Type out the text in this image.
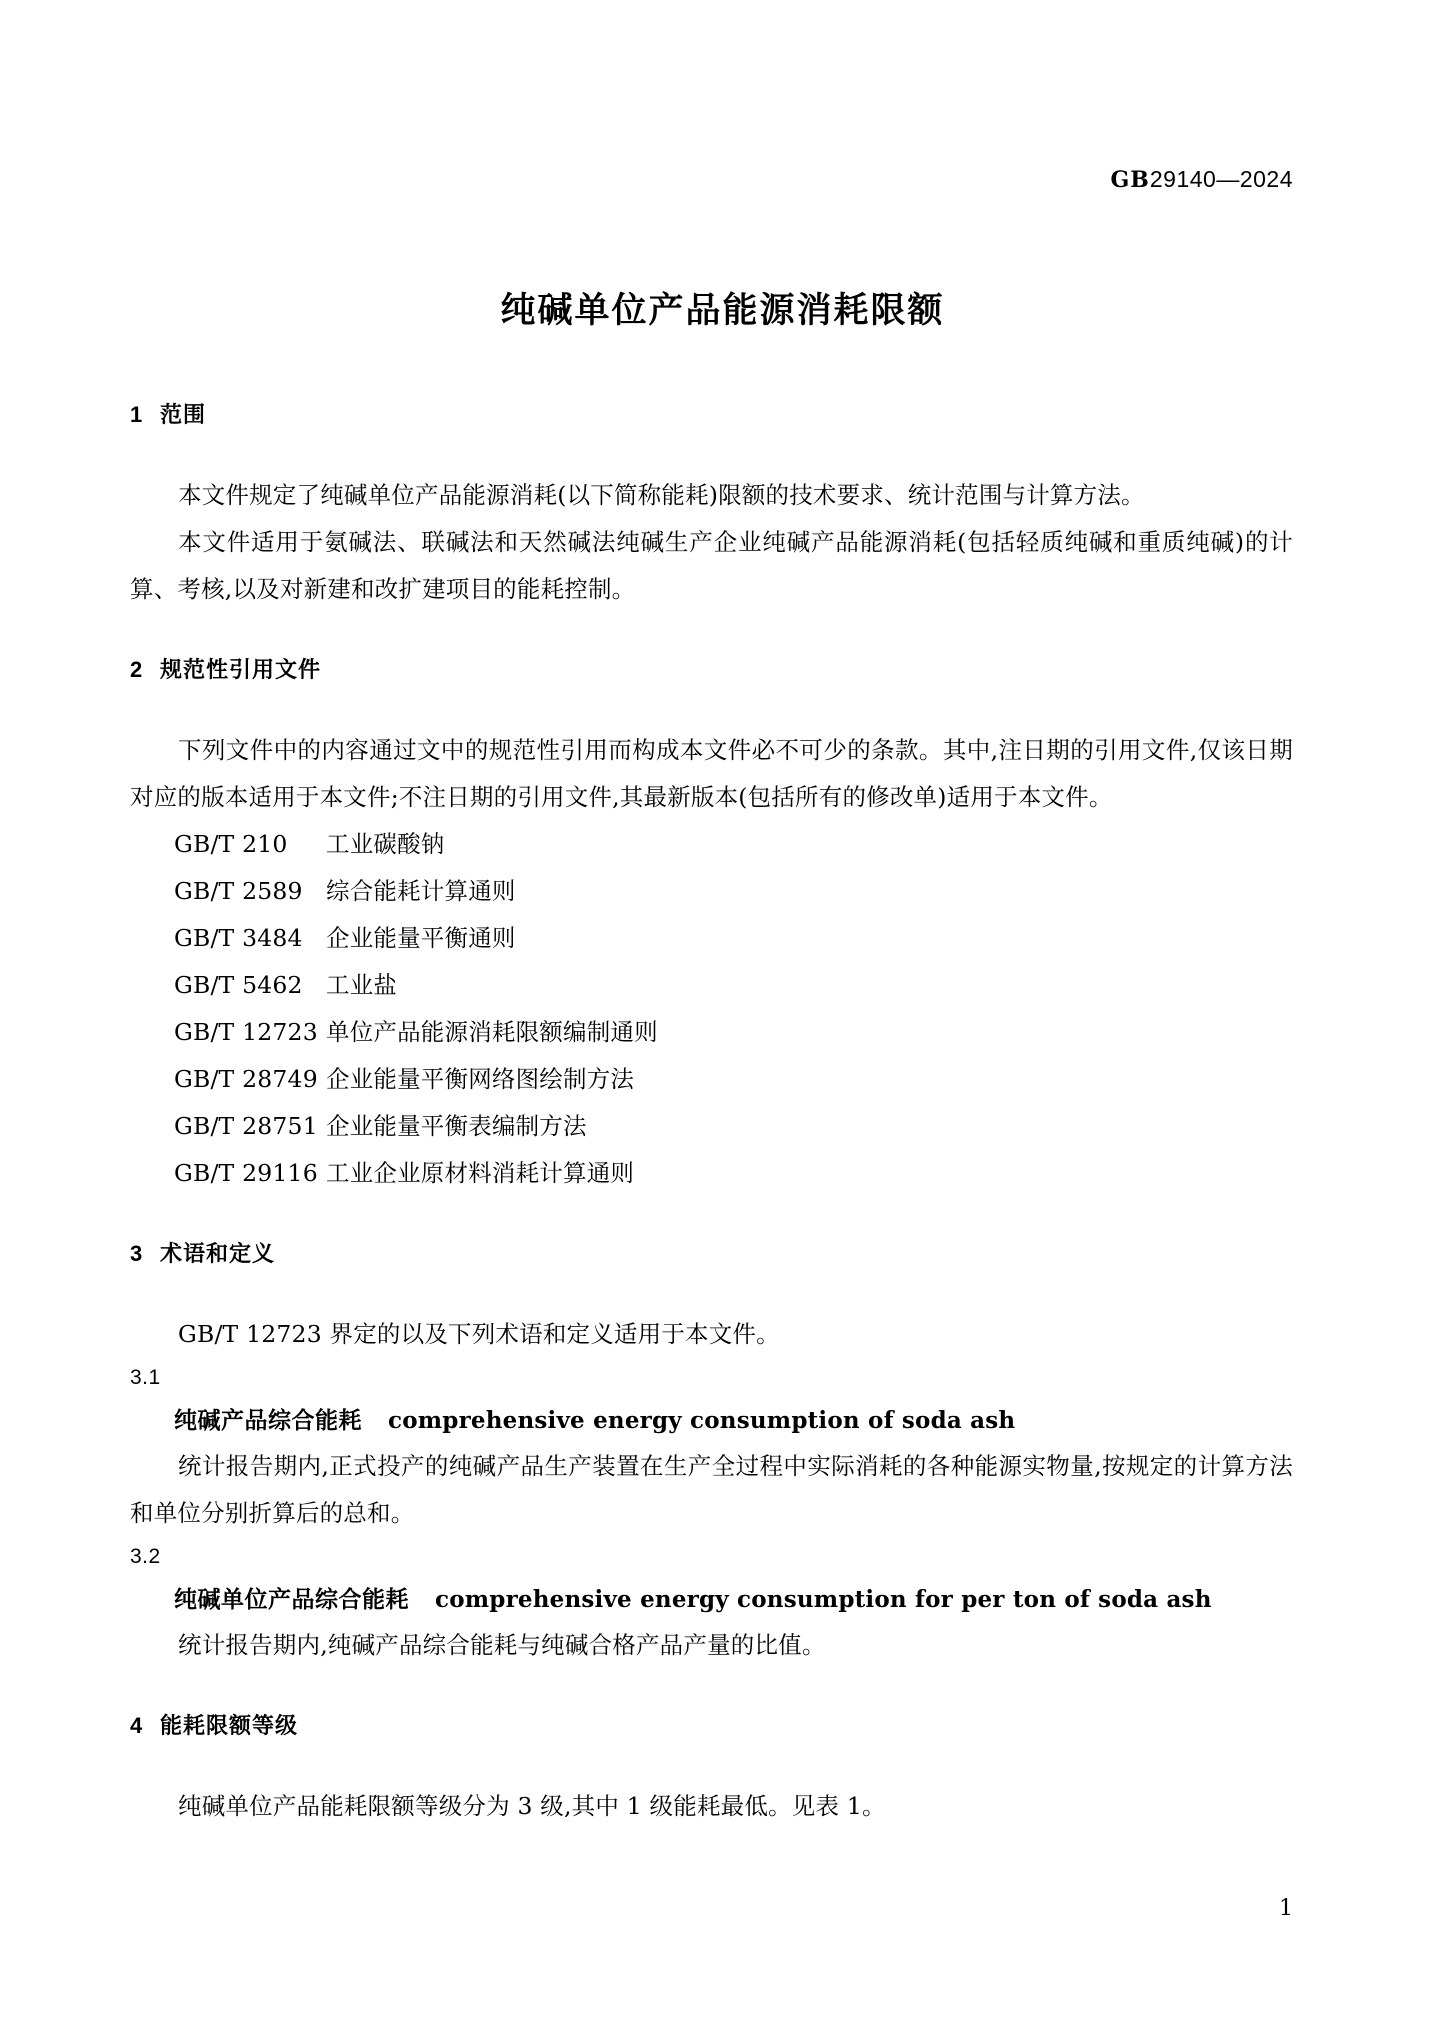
GB29140—2024
纯碱单位产品能源消耗限额
1 范围

本文件规定了纯碱单位产品能源消耗(以下简称能耗)限额的技术要求、统计范围与计算方法。

本文件适用于氨碱法、联碱法和天然碱法纯碱生产企业纯碱产品能源消耗(包括轻质纯碱和重质纯碱)的计算、考核,以及对新建和改扩建项目的能耗控制。

2 规范性引用文件

下列文件中的内容通过文中的规范性引用而构成本文件必不可少的条款。其中,注日期的引用文件,仅该日期对应的版本适用于本文件;不注日期的引用文件,其最新版本(包括所有的修改单)适用于本文件。

GB/T 210 工业碳酸钠
GB/T 2589 综合能耗计算通则
GB/T 3484 企业能量平衡通则
GB/T 5462 工业盐
GB/T 12723 单位产品能源消耗限额编制通则
GB/T 28749 企业能量平衡网络图绘制方法
GB/T 28751 企业能量平衡表编制方法
GB/T 29116 工业企业原材料消耗计算通则
3 术语和定义

GB/T 12723 界定的以及下列术语和定义适用于本文件。

3.1
纯碱产品综合能耗 comprehensive energy consumption of soda ash

统计报告期内,正式投产的纯碱产品生产装置在生产全过程中实际消耗的各种能源实物量,按规定的计算方法和单位分别折算后的总和。

3.2
纯碱单位产品综合能耗 comprehensive energy consumption for per ton of soda ash

统计报告期内,纯碱产品综合能耗与纯碱合格产品产量的比值。

4 能耗限额等级

纯碱单位产品能耗限额等级分为 3 级,其中 1 级能耗最低。见表 1。

1
